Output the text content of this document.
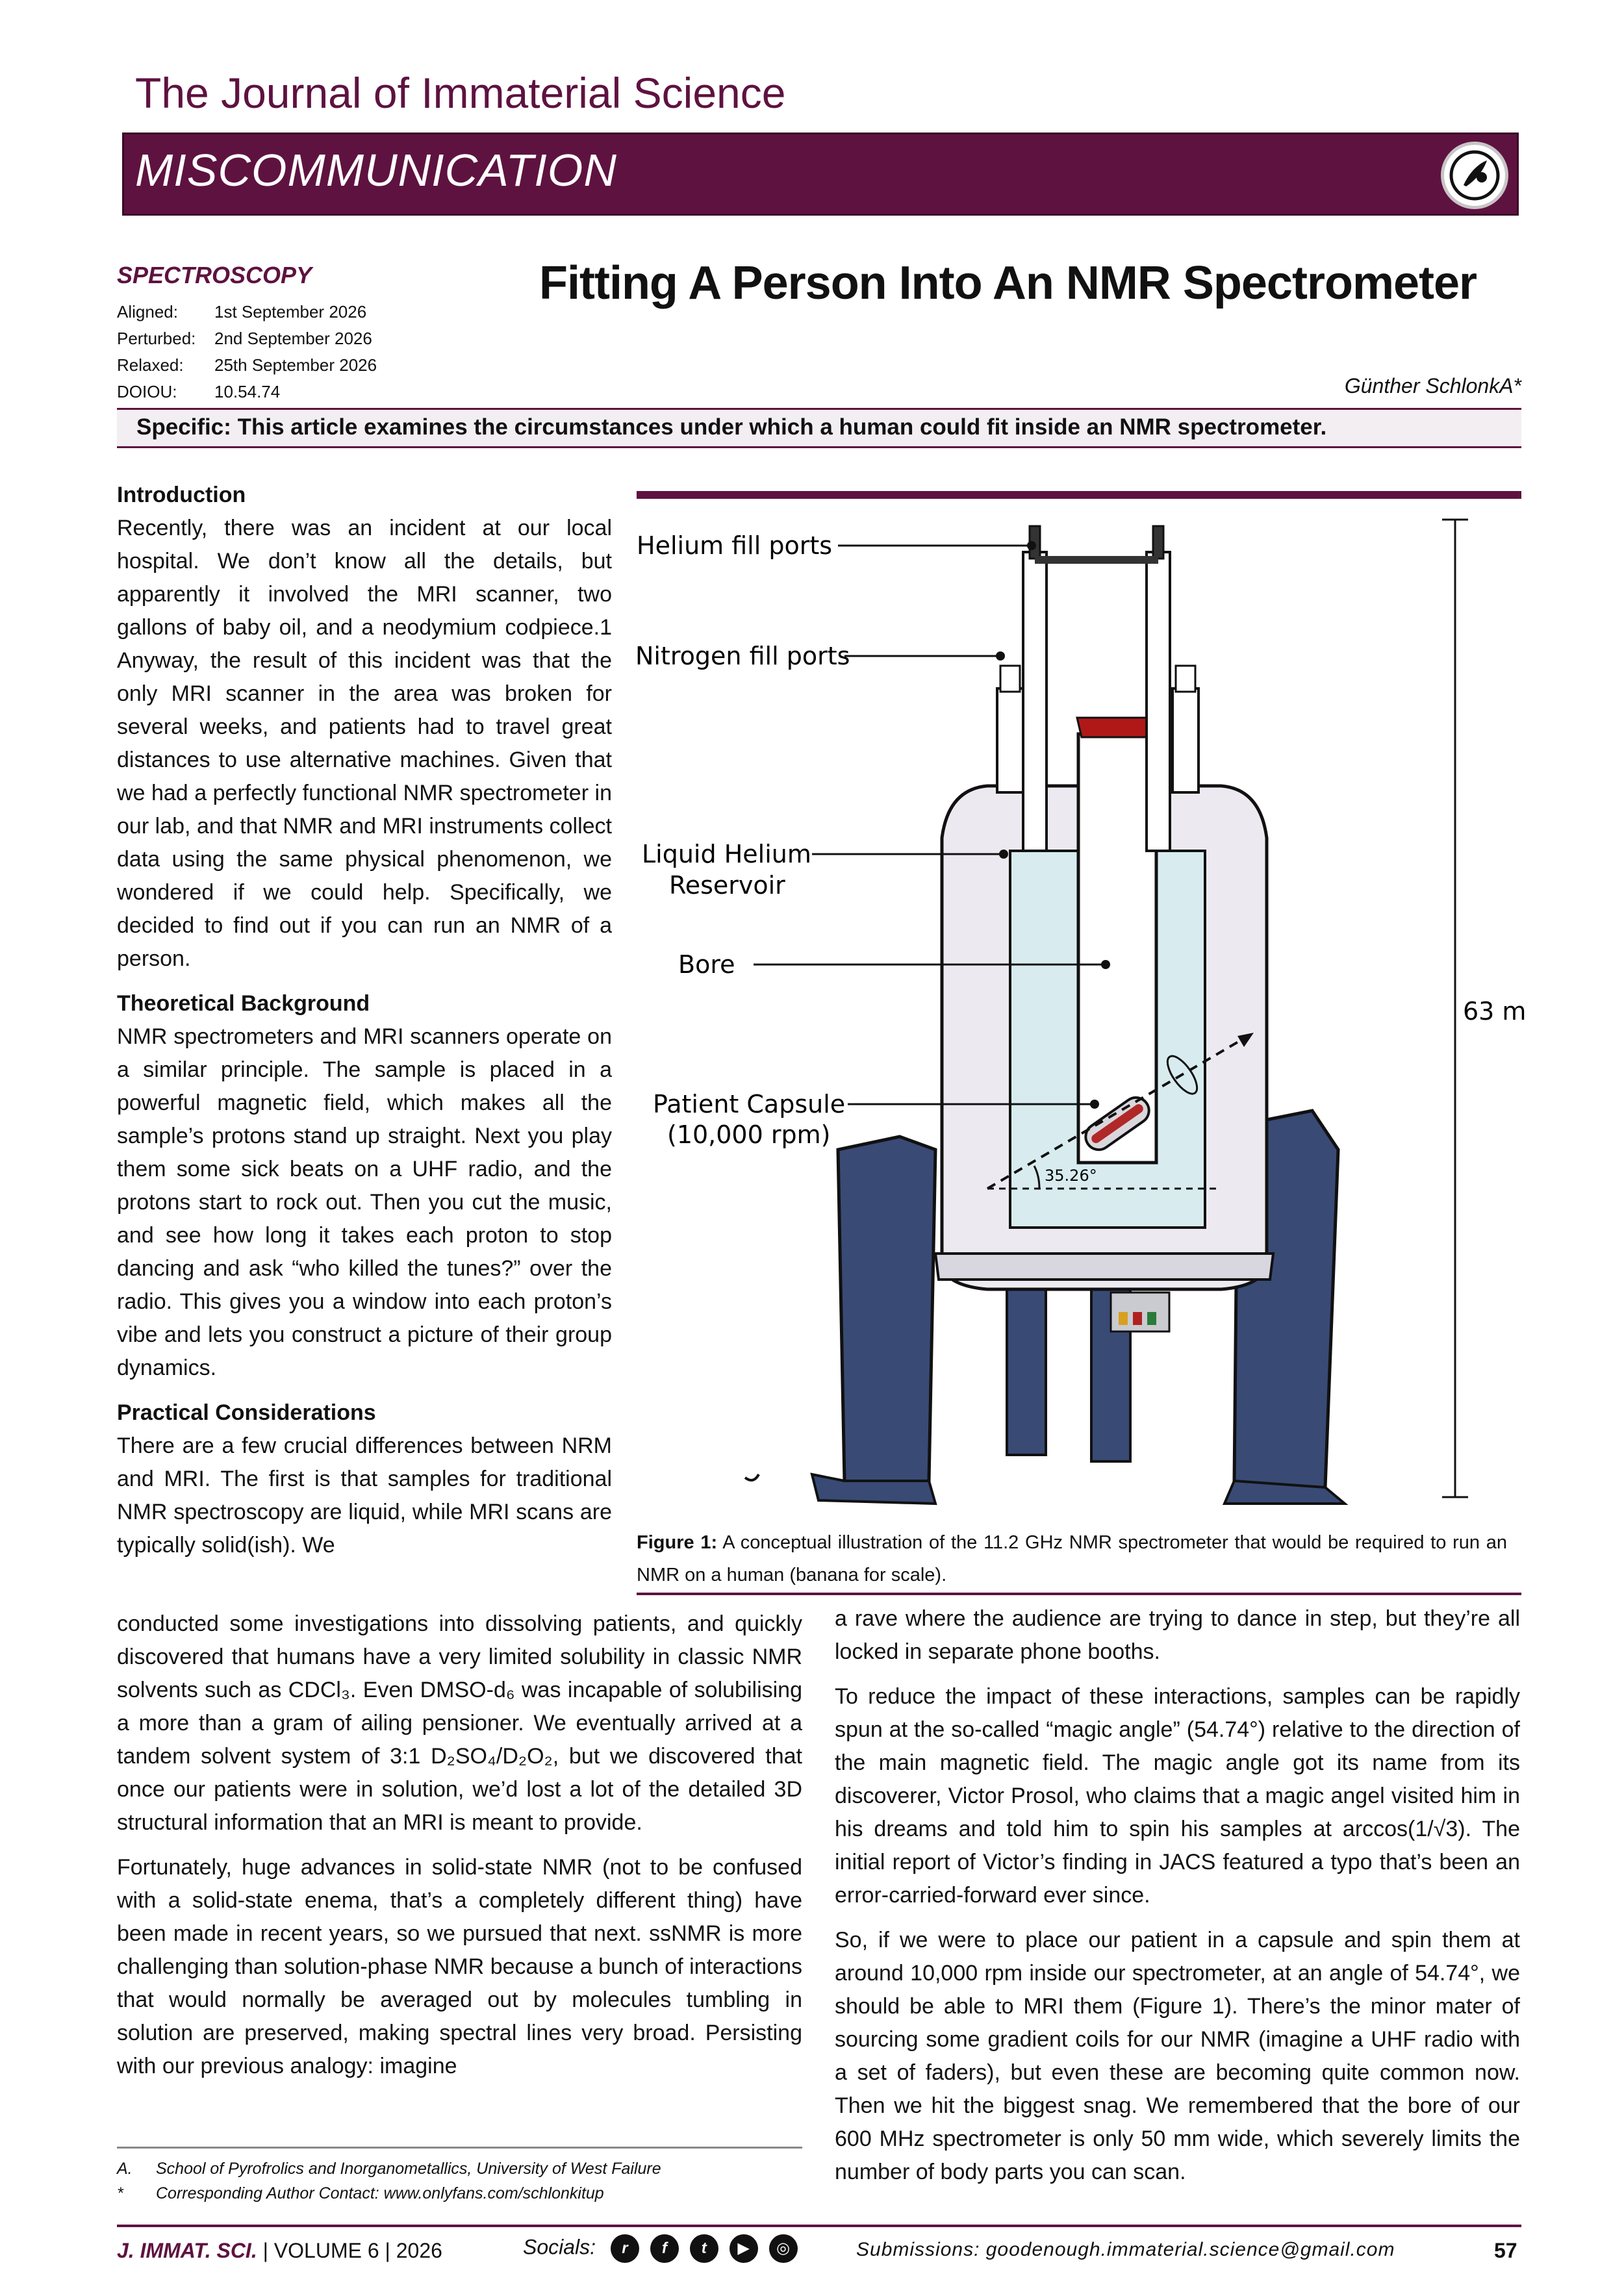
The Journal of Immaterial Science
MISCOMMUNICATION
SPECTROSCOPY
Aligned: 1st September 2026
Perturbed: 2nd September 2026
Relaxed: 25th September 2026
DOIOU: 10.54.74
Fitting A Person Into An NMR Spectrometer
Günther SchlonkA*
Specific: This article examines the circumstances under which a human could fit inside an NMR spectrometer.
Introduction

Recently, there was an incident at our local hospital. We don’t know all the details, but apparently it involved the MRI scanner, two gallons of baby oil, and a neodymium codpiece.1 Anyway, the result of this incident was that the only MRI scanner in the area was broken for several weeks, and patients had to travel great distances to use alternative machines. Given that we had a perfectly functional NMR spectrometer in our lab, and that NMR and MRI instruments collect data using the same physical phenomenon, we wondered if we could help. Specifically, we decided to find out if you can run an NMR of a person.

Theoretical Background

NMR spectrometers and MRI scanners operate on a similar principle. The sample is placed in a powerful magnetic field, which makes all the sample’s protons stand up straight. Next you play them some sick beats on a UHF radio, and the protons start to rock out. Then you cut the music, and see how long it takes each proton to stop dancing and ask “who killed the tunes?” over the radio. This gives you a window into each proton’s vibe and lets you construct a picture of their group dynamics.

Practical Considerations

There are a few crucial differences between NRM and MRI. The first is that samples for traditional NMR spectroscopy are liquid, while MRI scans are typically solid(ish). We

conducted some investigations into dissolving patients, and quickly discovered that humans have a very limited solubility in classic NMR solvents such as CDCl₃. Even DMSO-d₆ was incapable of solubilising a more than a gram of ailing pensioner. We eventually arrived at a tandem solvent system of 3:1 D₂SO₄/D₂O₂, but we discovered that once our patients were in solution, we’d lost a lot of the detailed 3D structural information that an MRI is meant to provide.

Fortunately, huge advances in solid-state NMR (not to be confused with a solid-state enema, that’s a completely different thing) have been made in recent years, so we pursued that next. ssNMR is more challenging than solution-phase NMR because a bunch of interactions that would normally be averaged out by molecules tumbling in solution are preserved, making spectral lines very broad. Persisting with our previous analogy: imagine

a rave where the audience are trying to dance in step, but they’re all locked in separate phone booths.

To reduce the impact of these interactions, samples can be rapidly spun at the so-called “magic angle” (54.74°) relative to the direction of the main magnetic field. The magic angle got its name from its discoverer, Victor Prosol, who claims that a magic angel visited him in his dreams and told him to spin his samples at arccos(1/√3). The initial report of Victor’s finding in JACS featured a typo that’s been an error-carried-forward ever since.

So, if we were to place our patient in a capsule and spin them at around 10,000 rpm inside our spectrometer, at an angle of 54.74°, we should be able to MRI them (Figure 1). There’s the minor mater of sourcing some gradient coils for our NMR (imagine a UHF radio with a set of faders), but even these are becoming quite common now. Then we hit the biggest snag. We remembered that the bore of our 600 MHz spectrometer is only 50 mm wide, which severely limits the number of body parts you can scan.

Helium fill ports
Nitrogen fill ports
Liquid Helium
Reservoir
Bore
Patient Capsule
(10,000 rpm)
35.26°
63 m
Figure 1: A conceptual illustration of the 11.2 GHz NMR spectrometer that would be required to run an NMR on a human (banana for scale).
A. School of Pyrofrolics and Inorganometallics, University of West Failure
* Corresponding Author Contact: www.onlyfans.com/schlonkitup
J. IMMAT. SCI. | VOLUME 6 | 2026	Socials: r f t ▶ ◎	Submissions: goodenough.immaterial.science@gmail.com	57
